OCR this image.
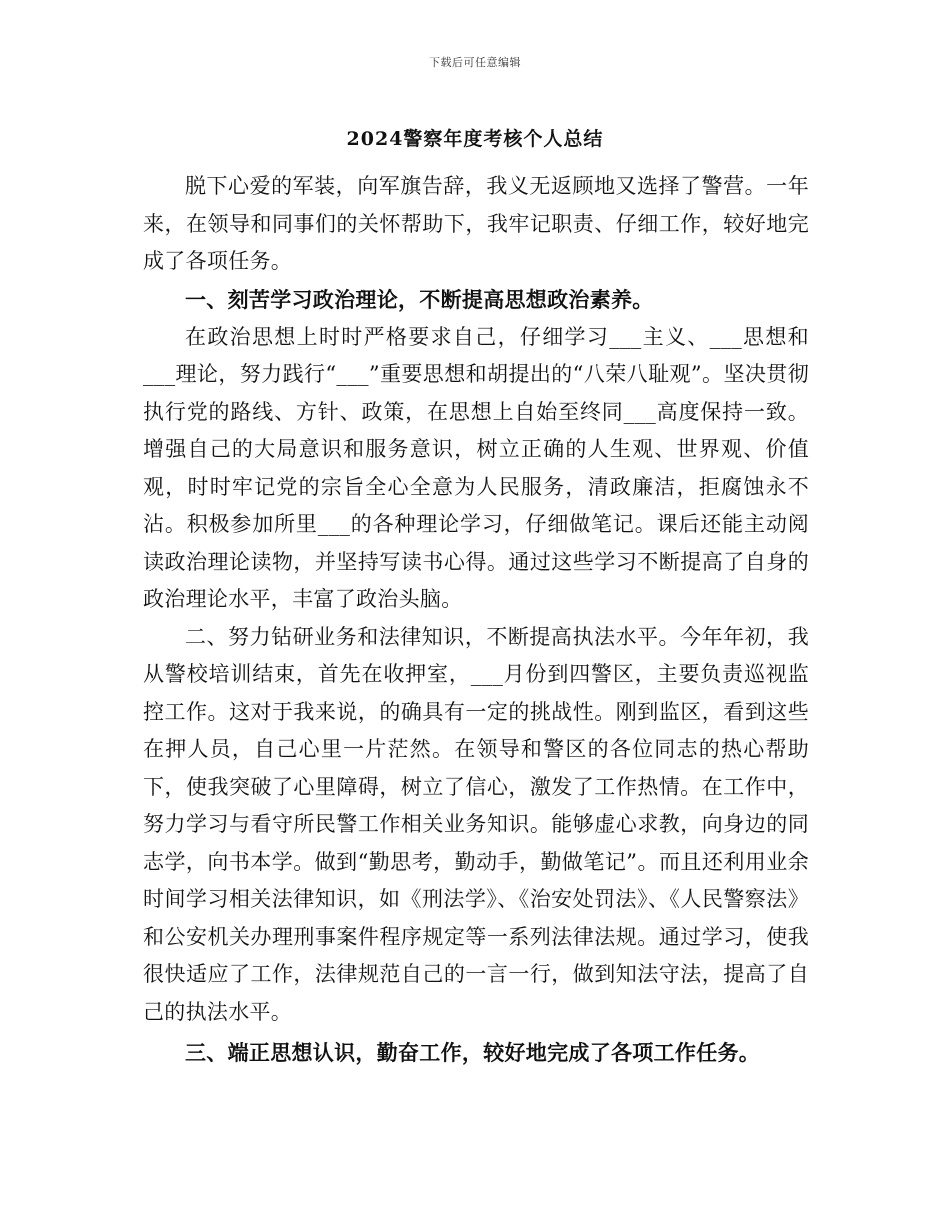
下载后可任意编辑
2024警察年度考核个人总结

脱下心爱的军装，向军旗告辞，我义无返顾地又选择了警营。一年来，在领导和同事们的关怀帮助下，我牢记职责、仔细工作，较好地完成了各项任务。

一、刻苦学习政治理论，不断提高思想政治素养。

在政治思想上时时严格要求自己，仔细学习___主义、___思想和___理论，努力践行“___”重要思想和胡提出的“八荣八耻观”。坚决贯彻执行党的路线、方针、政策，在思想上自始至终同___高度保持一致。增强自己的大局意识和服务意识，树立正确的人生观、世界观、价值观，时时牢记党的宗旨全心全意为人民服务，清政廉洁，拒腐蚀永不沾。积极参加所里___的各种理论学习，仔细做笔记。课后还能主动阅读政治理论读物，并坚持写读书心得。通过这些学习不断提高了自身的政治理论水平，丰富了政治头脑。

二、努力钻研业务和法律知识，不断提高执法水平。今年年初，我从警校培训结束，首先在收押室，___月份到四警区，主要负责巡视监控工作。这对于我来说，的确具有一定的挑战性。刚到监区，看到这些在押人员，自己心里一片茫然。在领导和警区的各位同志的热心帮助下，使我突破了心里障碍，树立了信心，激发了工作热情。在工作中，努力学习与看守所民警工作相关业务知识。能够虚心求教，向身边的同志学，向书本学。做到“勤思考，勤动手，勤做笔记”。而且还利用业余时间学习相关法律知识，如《刑法学》、《治安处罚法》、《人民警察法》和公安机关办理刑事案件程序规定等一系列法律法规。通过学习，使我很快适应了工作，法律规范自己的一言一行，做到知法守法，提高了自己的执法水平。

三、端正思想认识，勤奋工作，较好地完成了各项工作任务。
